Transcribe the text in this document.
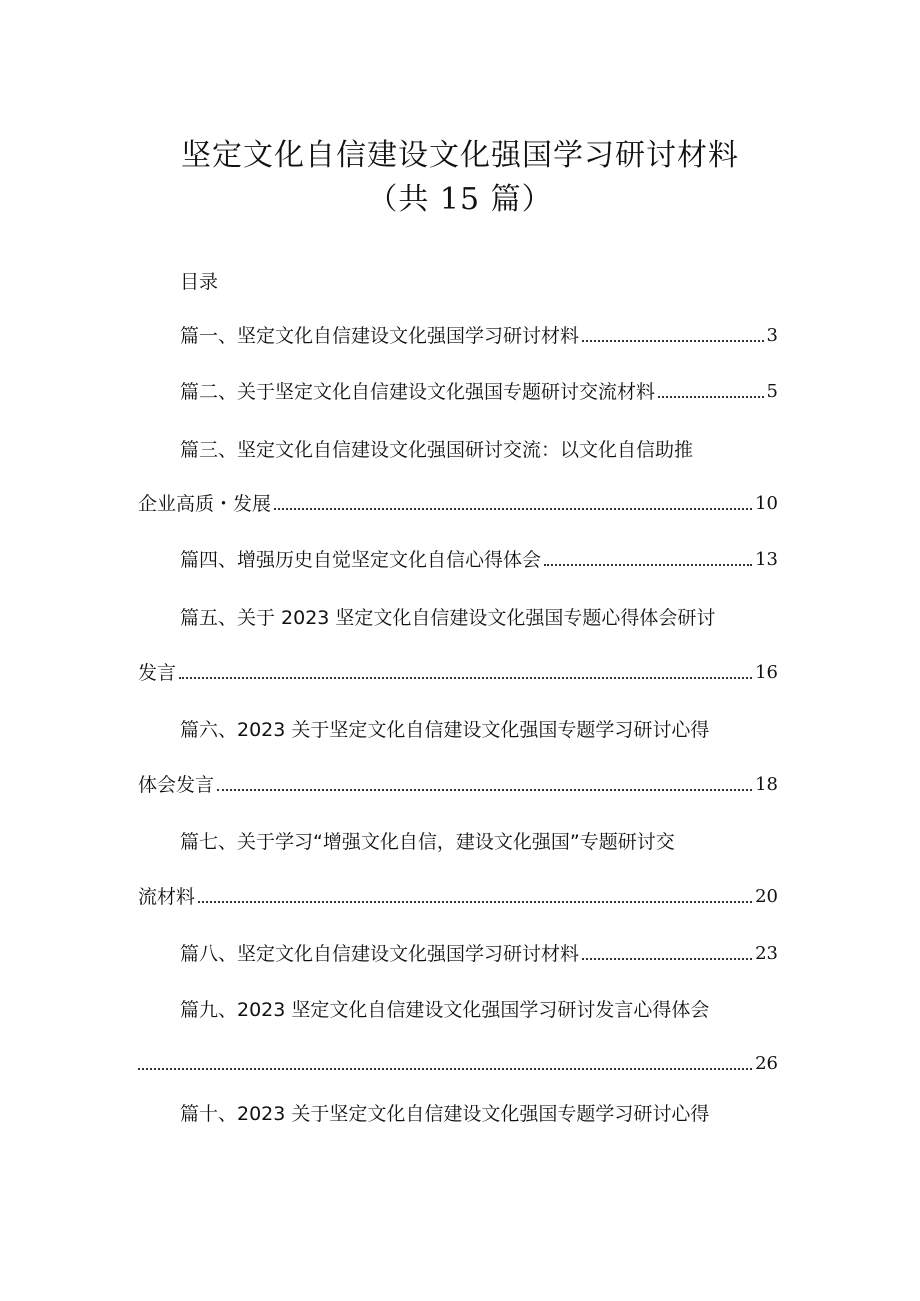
坚定文化自信建设文化强国学习研讨材料
（共 15 篇）
目录
篇一、坚定文化自信建设文化强国学习研讨材料	3
篇二、关于坚定文化自信建设文化强国专题研讨交流材料	5
篇三、坚定文化自信建设文化强国研讨交流：以文化自信助推
企业高质・发展	10
篇四、增强历史自觉坚定文化自信心得体会	13
篇五、关于 2023 坚定文化自信建设文化强国专题心得体会研讨
发言	16
篇六、2023 关于坚定文化自信建设文化强国专题学习研讨心得
体会发言	18
篇七、关于学习“增强文化自信，建设文化强国”专题研讨交
流材料	20
篇八、坚定文化自信建设文化强国学习研讨材料	23
篇九、2023 坚定文化自信建设文化强国学习研讨发言心得体会
26
篇十、2023 关于坚定文化自信建设文化强国专题学习研讨心得
